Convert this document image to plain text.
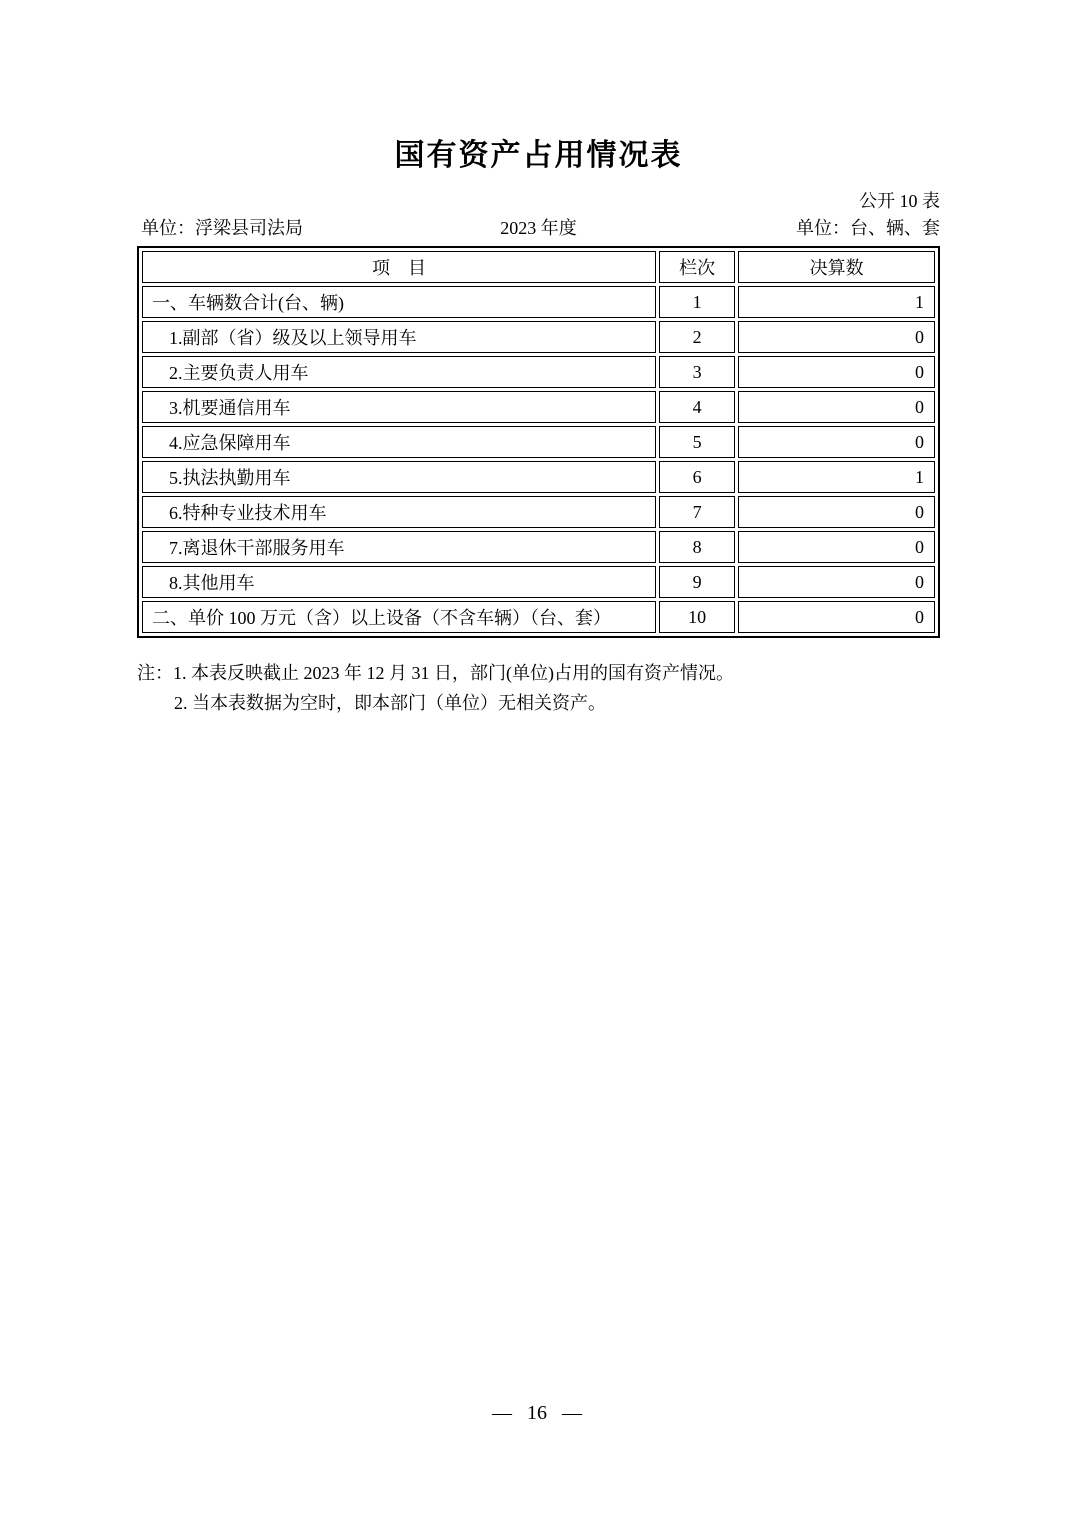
国有资产占用情况表
公开 10 表
单位：浮梁县司法局	2023 年度	单位：台、辆、套
项　目	栏次	决算数
一、车辆数合计(台、辆)	1	1
1.副部（省）级及以上领导用车	2	0
2.主要负责人用车	3	0
3.机要通信用车	4	0
4.应急保障用车	5	0
5.执法执勤用车	6	1
6.特种专业技术用车	7	0
7.离退休干部服务用车	8	0
8.其他用车	9	0
二、单价 100 万元（含）以上设备（不含车辆）（台、套）	10	0
注：1. 本表反映截止 2023 年 12 月 31 日，部门(单位)占用的国有资产情况。
2. 当本表数据为空时，即本部门（单位）无相关资产。
— 16 —
